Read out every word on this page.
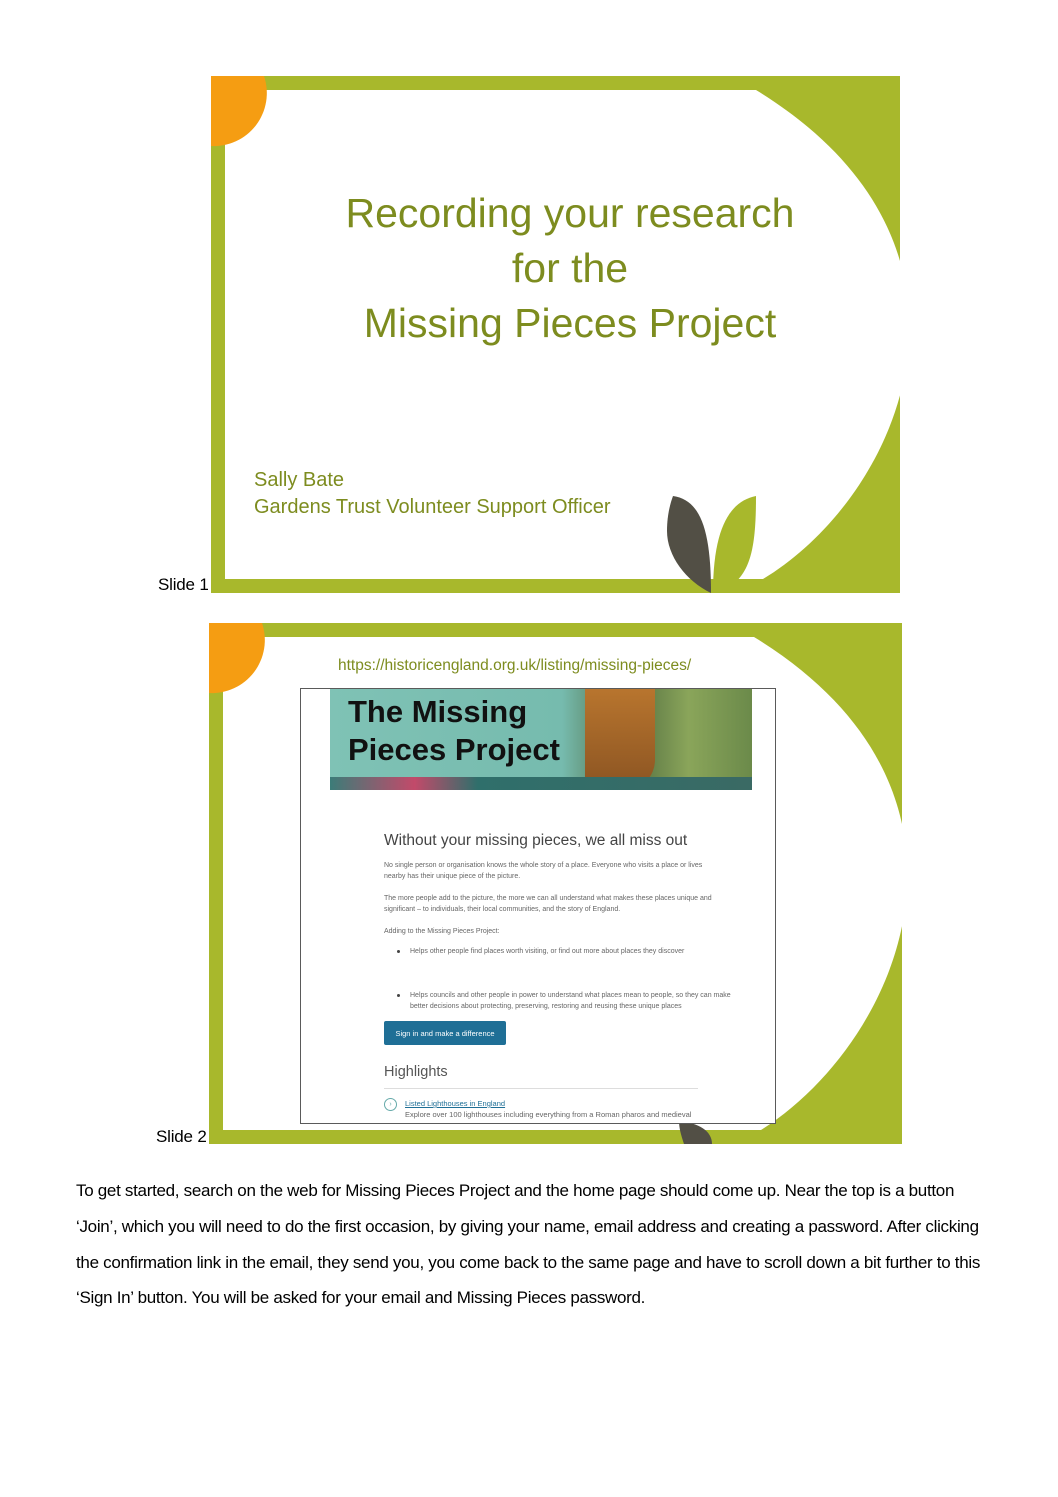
Recording your research
for the
Missing Pieces Project
Sally Bate
Gardens Trust Volunteer Support Officer
Slide 1
https://historicengland.org.uk/listing/missing-pieces/
The Missing
Pieces Project
Without your missing pieces, we all miss out
No single person or organisation knows the whole story of a place. Everyone who visits a place or lives nearby has their unique piece of the picture.
The more people add to the picture, the more we can all understand what makes these places unique and significant – to individuals, their local communities, and the story of England.
Adding to the Missing Pieces Project:
Helps other people find places worth visiting, or find out more about places they discover
Helps councils and other people in power to understand what places mean to people, so they can make better decisions about protecting, preserving, restoring and reusing these unique places
Sign in and make a difference
Highlights
›	Listed Lighthouses in England
Explore over 100 lighthouses including everything from a Roman pharos and medieval
Slide 2
To get started, search on the web for Missing Pieces Project and the home page should come up. Near the top is a button ‘Join’, which you will need to do the first occasion, by giving your name, email address and creating a password. After clicking the confirmation link in the email, they send you, you come back to the same page and have to scroll down a bit further to this ‘Sign In’ button. You will be asked for your email and Missing Pieces password.
